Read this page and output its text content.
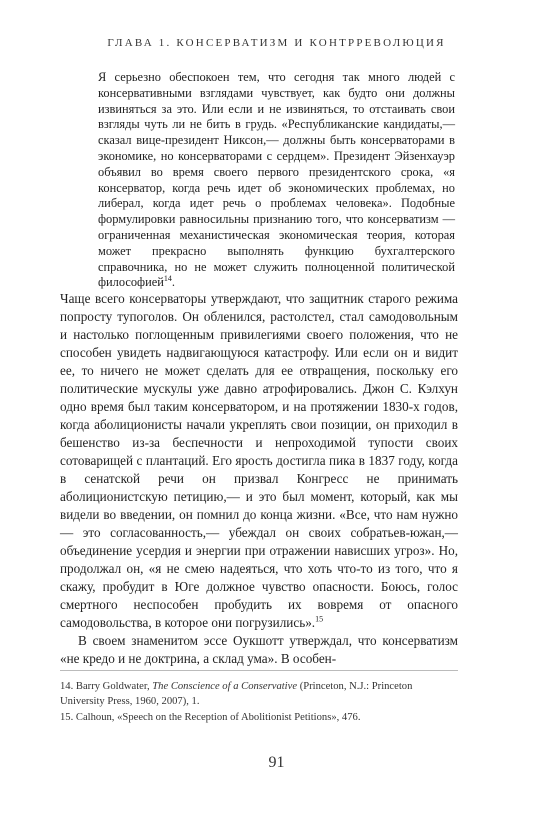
ГЛАВА 1. КОНСЕРВАТИЗМ И КОНТРРЕВОЛЮЦИЯ
Я серьезно обеспокоен тем, что сегодня так много людей с консервативными взглядами чувствует, как будто они должны извиняться за это. Или если и не извиняться, то отстаивать свои взгляды чуть ли не бить в грудь. «Республиканские кандидаты,— сказал вице-президент Никсон,— должны быть консерваторами в экономике, но консерваторами с сердцем». Президент Эйзенхауэр объявил во время своего первого президентского срока, «я консерватор, когда речь идет об экономических проблемах, но либерал, когда идет речь о проблемах человека». Подобные формулировки равносильны признанию того, что консерватизм — ограниченная механистическая экономическая теория, которая может прекрасно выполнять функцию бухгалтерского справочника, но не может служить полноценной политической философией$^{14}$.

Чаще всего консерваторы утверждают, что защитник старого режима попросту тупоголов. Он обленился, растолстел, стал самодовольным и настолько поглощенным привилегиями своего положения, что не способен увидеть надвигающуюся катастрофу. Или если он и видит ее, то ничего не может сделать для ее отвращения, поскольку его политические мускулы уже давно атрофировались. Джон С. Кэлхун одно время был таким консерватором, и на протяжении 1830-х годов, когда аболиционисты начали укреплять свои позиции, он приходил в бешенство из-за беспечности и непроходимой тупости своих сотоварищей с плантаций. Его ярость достигла пика в 1837 году, когда в сенатской речи он призвал Конгресс не принимать аболиционистскую петицию,— и это был момент, который, как мы видели во введении, он помнил до конца жизни. «Все, что нам нужно — это согласованность,— убеждал он своих собратьев-южан,— объединение усердия и энергии при отражении нависших угроз». Но, продолжал он, «я не смею надеяться, что хоть что-то из того, что я скажу, пробудит в Юге должное чувство опасности. Боюсь, голос смертного неспособен пробудить их вовремя от опасного самодовольства, в которое они погрузились».$^{15}$

В своем знаменитом эссе Оукшотт утверждал, что консерватизм «не кредо и не доктрина, а склад ума». В особен-

14. Barry Goldwater, The Conscience of a Conservative (Princeton, N.J.: Princeton University Press, 1960, 2007), 1.

15. Calhoun, «Speech on the Reception of Abolitionist Petitions», 476.

91
